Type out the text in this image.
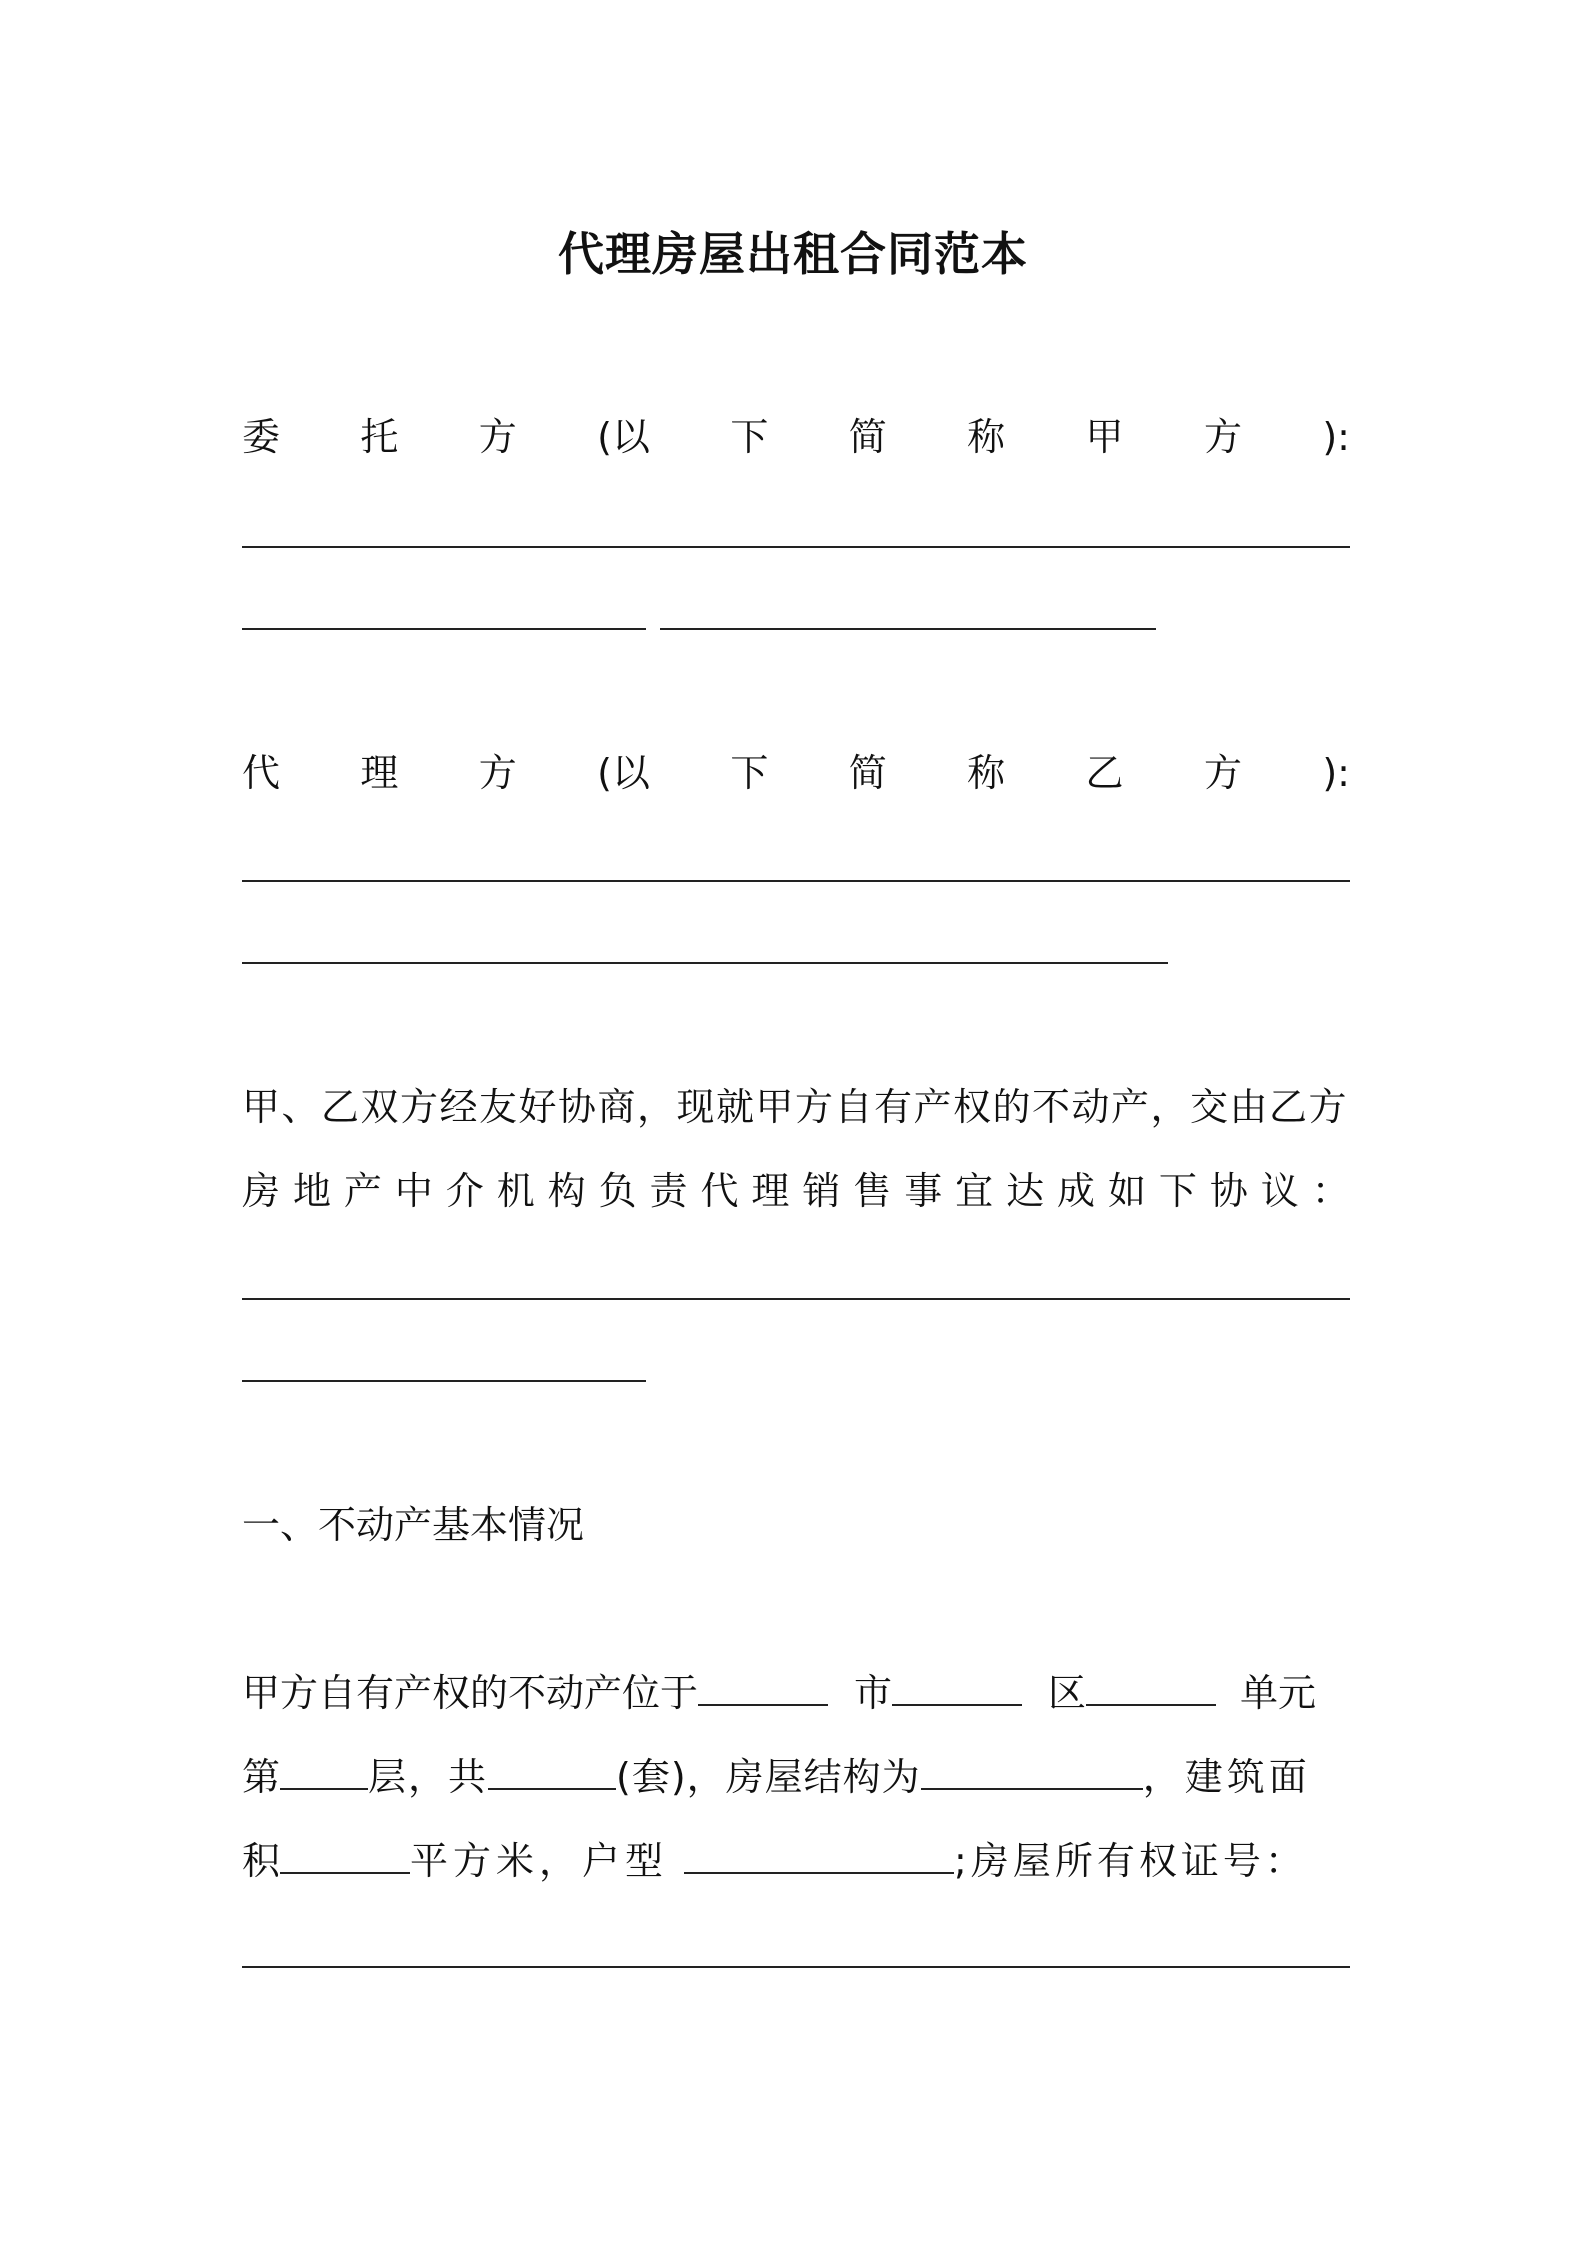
代理房屋出租合同范本
委 托 方 (以 下 简 称 甲 方 ):
代 理 方 (以 下 简 称 乙 方 ):
甲、乙双方经友好协商，现就甲方自有产权的不动产，交由乙方
房 地 产 中 介 机 构 负 责 代 理 销 售 事 宜 达 成 如 下 协 议 ：
一、不动产基本情况
甲方自有产权的不动产位于	市	区	单元
第 层，共	(套)，房屋结构为	，建筑面
积	平方米，户型	;房屋所有权证号：
